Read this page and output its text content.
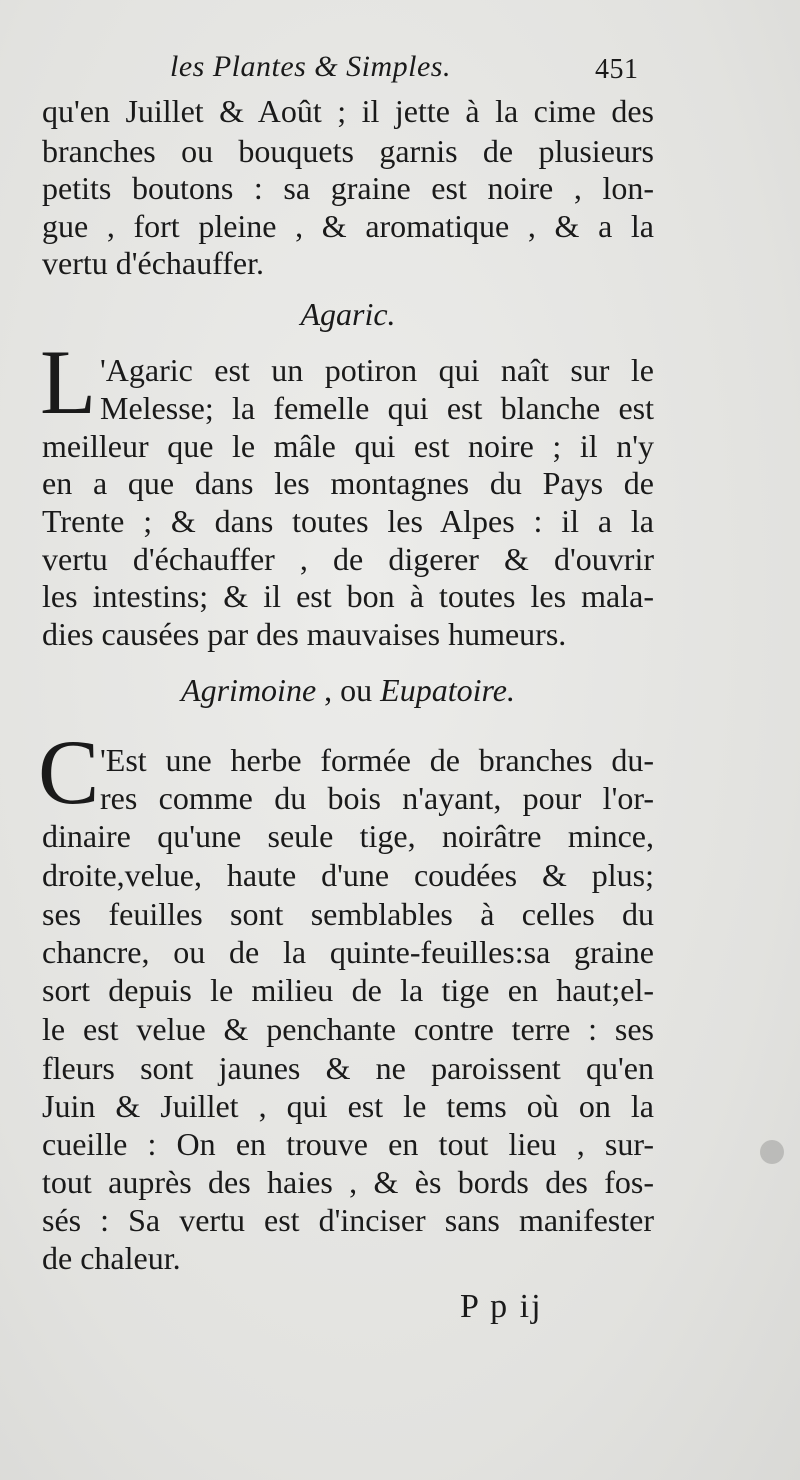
les Plantes & Simples.	451
qu'en Juillet & Août ; il jette à la cime des
branches ou bouquets garnis de plusieurs
petits boutons : sa graine est noire , lon-
gue , fort pleine , & aromatique , & a la
vertu d'échauffer.
Agaric.
L 'Agaric est un potiron qui naît sur le
Melesse; la femelle qui est blanche est
meilleur que le mâle qui est noire ; il n'y
en a que dans les montagnes du Pays de
Trente ; & dans toutes les Alpes : il a la
vertu d'échauffer , de digerer & d'ouvrir
les intestins; & il est bon à toutes les mala-
dies causées par des mauvaises humeurs.
Agrimoine , ou Eupatoire.
C 'Est une herbe formée de branches du-
res comme du bois n'ayant, pour l'or-
dinaire qu'une seule tige, noirâtre mince,
droite,velue, haute d'une coudées & plus;
ses feuilles sont semblables à celles du
chancre, ou de la quinte-feuilles:sa graine
sort depuis le milieu de la tige en haut;el-
le est velue & penchante contre terre : ses
fleurs sont jaunes & ne paroissent qu'en
Juin & Juillet , qui est le tems où on la
cueille : On en trouve en tout lieu , sur-
tout auprès des haies , & ès bords des fos-
sés : Sa vertu est d'inciser sans manifester
de chaleur.
P p ij
